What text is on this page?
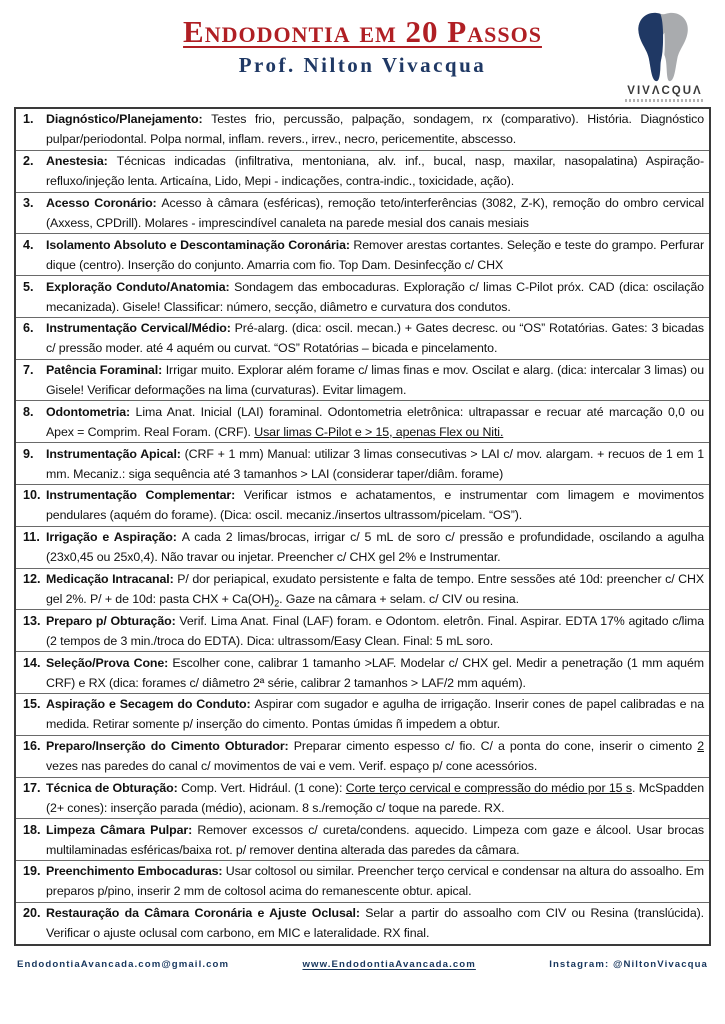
Endodontia em 20 Passos
Prof. Nilton Vivacqua
VIVΛCQUΛ
1.	Diagnóstico/Planejamento: Testes frio, percussão, palpação, sondagem, rx (comparativo). História. Diagnóstico pulpar/periodontal. Polpa normal, inflam. revers., irrev., necro, pericementite, abscesso.
2.	Anestesia: Técnicas indicadas (infiltrativa, mentoniana, alv. inf., bucal, nasp, maxilar, nasopalatina) Aspiração-refluxo/injeção lenta. Articaína, Lido, Mepi - indicações, contra-indic., toxicidade, ação).
3.	Acesso Coronário: Acesso à câmara (esféricas), remoção teto/interferências (3082, Z-K), remoção do ombro cervical (Axxess, CPDrill). Molares - imprescindível canaleta na parede mesial dos canais mesiais
4.	Isolamento Absoluto e Descontaminação Coronária: Remover arestas cortantes. Seleção e teste do grampo. Perfurar dique (centro). Inserção do conjunto. Amarria com fio. Top Dam. Desinfecção c/ CHX
5.	Exploração Conduto/Anatomia: Sondagem das embocaduras. Exploração c/ limas C-Pilot próx. CAD (dica: oscilação mecanizada). Gisele! Classificar: número, secção, diâmetro e curvatura dos condutos.
6.	Instrumentação Cervical/Médio: Pré-alarg. (dica: oscil. mecan.) + Gates decresc. ou “OS” Rotatórias. Gates: 3 bicadas c/ pressão moder. até 4 aquém ou curvat. “OS” Rotatórias – bicada e pincelamento.
7.	Patência Foraminal: Irrigar muito. Explorar além forame c/ limas finas e mov. Oscilat e alarg. (dica: intercalar 3 limas) ou Gisele! Verificar deformações na lima (curvaturas). Evitar limagem.
8.	Odontometria: Lima Anat. Inicial (LAI) foraminal. Odontometria eletrônica: ultrapassar e recuar até marcação 0,0 ou Apex = Comprim. Real Foram. (CRF). Usar limas C-Pilot e > 15, apenas Flex ou Niti.
9.	Instrumentação Apical: (CRF + 1 mm) Manual: utilizar 3 limas consecutivas > LAI c/ mov. alargam. + recuos de 1 em 1 mm. Mecaniz.: siga sequência até 3 tamanhos > LAI (considerar taper/diâm. forame)
10. Instrumentação Complementar: Verificar istmos e achatamentos, e instrumentar com limagem e movimentos pendulares (aquém do forame). (Dica: oscil. mecaniz./insertos ultrassom/picelam. “OS”).
11. Irrigação e Aspiração: A cada 2 limas/brocas, irrigar c/ 5 mL de soro c/ pressão e profundidade, oscilando a agulha (23x0,45 ou 25x0,4). Não travar ou injetar. Preencher c/ CHX gel 2% e Instrumentar.
12. Medicação Intracanal: P/ dor periapical, exudato persistente e falta de tempo. Entre sessões até 10d: preencher c/ CHX gel 2%. P/ + de 10d: pasta CHX + $Ca(OH)_2$. Gaze na câmara + selam. c/ CIV ou resina.
13. Preparo p/ Obturação: Verif. Lima Anat. Final (LAF) foram. e Odontom. eletrôn. Final. Aspirar. EDTA 17% agitado c/lima (2 tempos de 3 min./troca do EDTA). Dica: ultrassom/Easy Clean. Final: 5 mL soro.
14. Seleção/Prova Cone: Escolher cone, calibrar 1 tamanho >LAF. Modelar c/ CHX gel. Medir a penetração (1 mm aquém CRF) e RX (dica: forames c/ diâmetro 2ª série, calibrar 2 tamanhos > LAF/2 mm aquém).
15. Aspiração e Secagem do Conduto: Aspirar com sugador e agulha de irrigação. Inserir cones de papel calibradas e na medida. Retirar somente p/ inserção do cimento. Pontas úmidas ñ impedem a obtur.
16. Preparo/Inserção do Cimento Obturador: Preparar cimento espesso c/ fio. C/ a ponta do cone, inserir o cimento 2 vezes nas paredes do canal c/ movimentos de vai e vem. Verif. espaço p/ cone acessórios.
17. Técnica de Obturação: Comp. Vert. Hidrául. (1 cone): Corte terço cervical e compressão do médio por 15 s. McSpadden (2+ cones): inserção parada (médio), acionam. 8 s./remoção c/ toque na parede. RX.
18. Limpeza Câmara Pulpar: Remover excessos c/ cureta/condens. aquecido. Limpeza com gaze e álcool. Usar brocas multilaminadas esféricas/baixa rot. p/ remover dentina alterada das paredes da câmara.
19. Preenchimento Embocaduras: Usar coltosol ou similar. Preencher terço cervical e condensar na altura do assoalho. Em preparos p/pino, inserir 2 mm de coltosol acima do remanescente obtur. apical.
20. Restauração da Câmara Coronária e Ajuste Oclusal: Selar a partir do assoalho com CIV ou Resina (translúcida). Verificar o ajuste oclusal com carbono, em MIC e lateralidade. RX final.
EndodontiaAvancada.com@gmail.com	www.EndodontiaAvancada.com	Instagram: @NiltonVivacqua
